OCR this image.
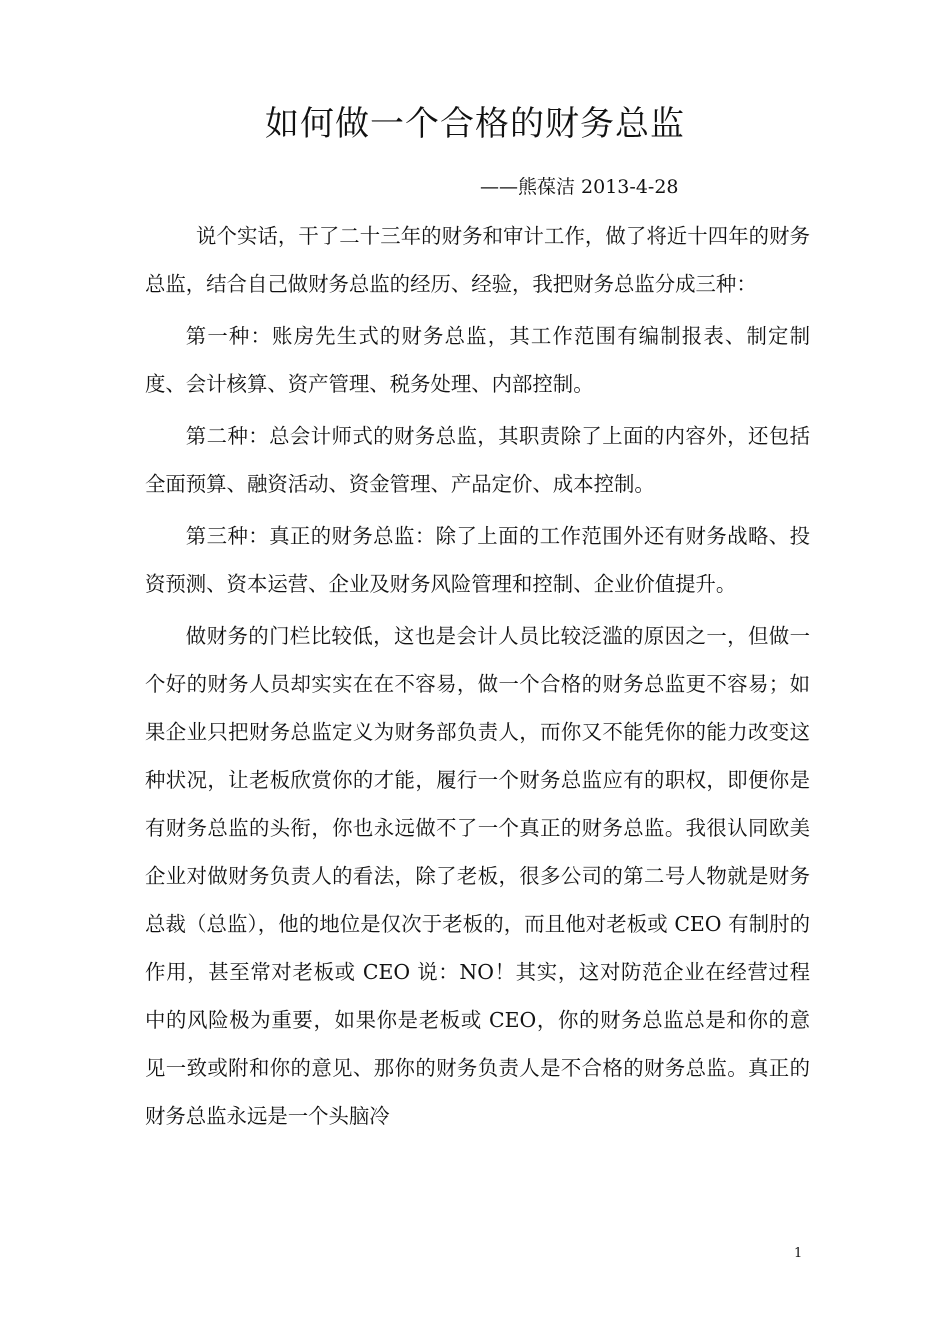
如何做一个合格的财务总监
——熊葆洁 2013-4-28

说个实话，干了二十三年的财务和审计工作，做了将近十四年的财务总监，结合自己做财务总监的经历、经验，我把财务总监分成三种：

第一种：账房先生式的财务总监，其工作范围有编制报表、制定制度、会计核算、资产管理、税务处理、内部控制。

第二种：总会计师式的财务总监，其职责除了上面的内容外，还包括全面预算、融资活动、资金管理、产品定价、成本控制。

第三种：真正的财务总监：除了上面的工作范围外还有财务战略、投资预测、资本运营、企业及财务风险管理和控制、企业价值提升。

做财务的门栏比较低，这也是会计人员比较泛滥的原因之一，但做一个好的财务人员却实实在在不容易，做一个合格的财务总监更不容易；如果企业只把财务总监定义为财务部负责人，而你又不能凭你的能力改变这种状况，让老板欣赏你的才能，履行一个财务总监应有的职权，即便你是有财务总监的头衔，你也永远做不了一个真正的财务总监。我很认同欧美企业对做财务负责人的看法，除了老板，很多公司的第二号人物就是财务总裁（总监），他的地位是仅次于老板的，而且他对老板或 CEO 有制肘的作用，甚至常对老板或 CEO 说：NO！其实，这对防范企业在经营过程中的风险极为重要，如果你是老板或 CEO，你的财务总监总是和你的意见一致或附和你的意见、那你的财务负责人是不合格的财务总监。真正的财务总监永远是一个头脑冷

1
